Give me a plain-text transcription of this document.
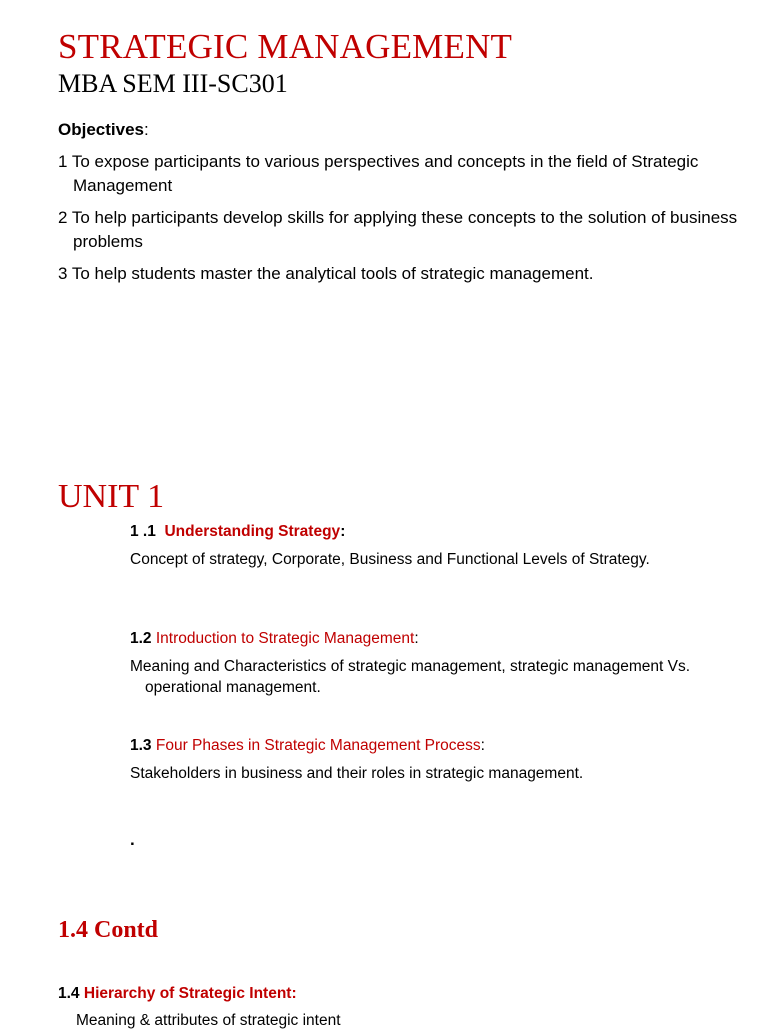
STRATEGIC MANAGEMENT
MBA SEM III-SC301
Objectives:
1 To expose participants to various perspectives and concepts in the field of Strategic Management
2 To help participants develop skills for applying these concepts to the solution of business problems
3 To help students master the analytical tools of strategic management.
UNIT 1
1 .1 Understanding Strategy:
Concept of strategy, Corporate, Business and Functional Levels of Strategy.
1.2 Introduction to Strategic Management:
Meaning and Characteristics of strategic management, strategic management Vs. operational management.
1.3 Four Phases in Strategic Management Process:
Stakeholders in business and their roles in strategic management.
.
1.4 Contd
1.4 Hierarchy of Strategic Intent:
Meaning & attributes of strategic intent
